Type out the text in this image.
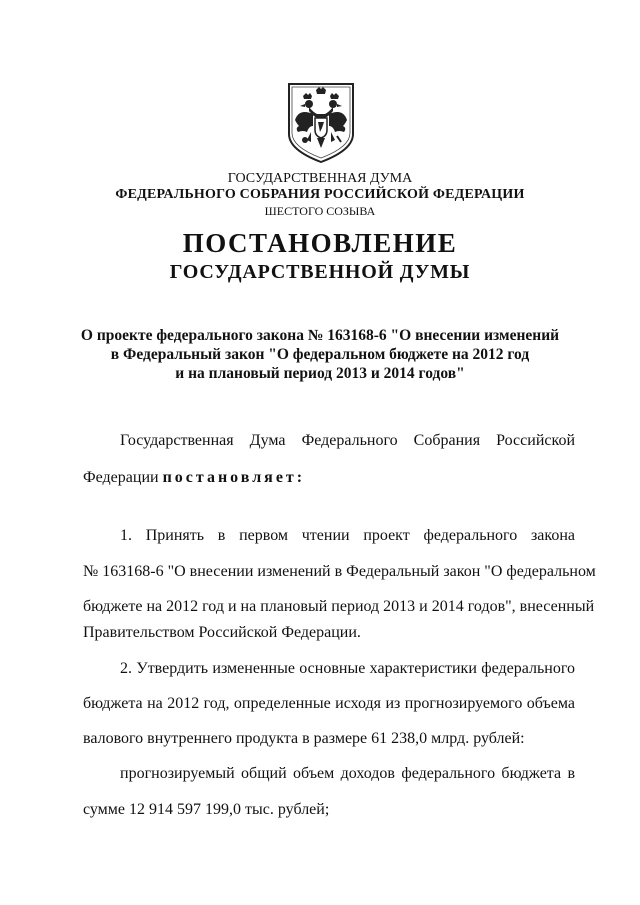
ГОСУДАРСТВЕННАЯ ДУМА
ФЕДЕРАЛЬНОГО СОБРАНИЯ РОССИЙСКОЙ ФЕДЕРАЦИИ
ШЕСТОГО СОЗЫВА
ПОСТАНОВЛЕНИЕ
ГОСУДАРСТВЕННОЙ ДУМЫ
О проекте федерального закона № 163168-6 "О внесении изменений
в Федеральный закон "О федеральном бюджете на 2012 год
и на плановый период 2013 и 2014 годов"
Государственная Дума Федерального Собрания Российской
Федерации постановляет:
1. Принять в первом чтении проект федерального закона
№ 163168-6 "О внесении изменений в Федеральный закон "О федеральном
бюджете на 2012 год и на плановый период 2013 и 2014 годов", внесенный
Правительством Российской Федерации.
2. Утвердить измененные основные характеристики федерального
бюджета на 2012 год, определенные исходя из прогнозируемого объема
валового внутреннего продукта в размере 61 238,0 млрд. рублей:
прогнозируемый общий объем доходов федерального бюджета в
сумме 12 914 597 199,0 тыс. рублей;
